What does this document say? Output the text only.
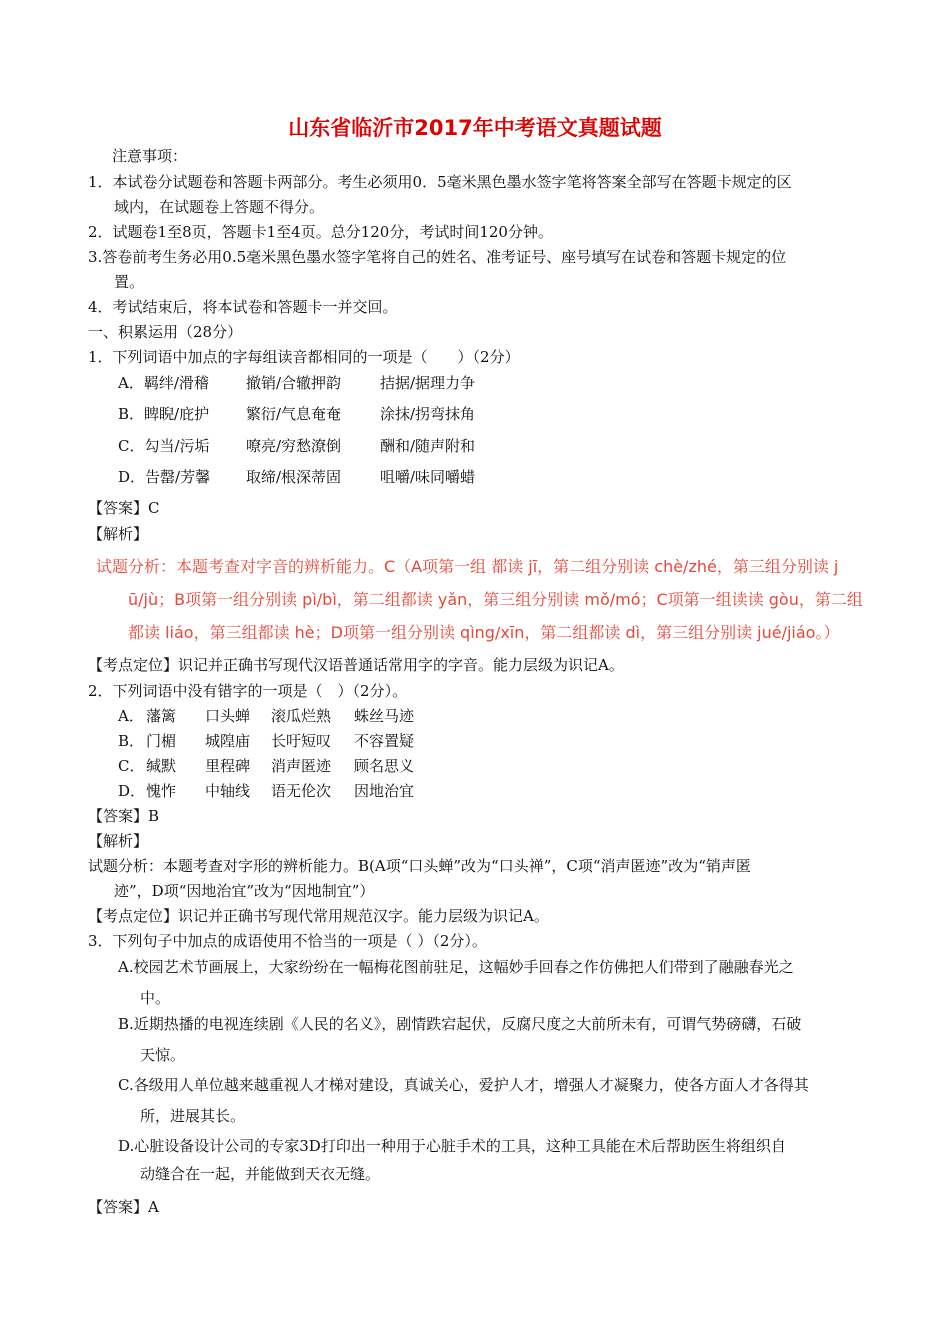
山东省临沂市2017年中考语文真题试题
注意事项：
1．本试卷分试题卷和答题卡两部分。考生必须用0．5毫米黑色墨水签字笔将答案全部写在答题卡规定的区
域内，在试题卷上答题不得分。
2．试题卷1至8页，答题卡1至4页。总分120分，考试时间120分钟。
3.答卷前考生务必用0.5毫米黑色墨水签字笔将自己的姓名、准考证号、座号填写在试卷和答题卡规定的位
置。
4．考试结束后，将本试卷和答题卡一并交回。
一、积累运用（28分）
1．下列词语中加点的字每组读音都相同的一项是（　　）（2分）
A．羁绊/滑稽 撤销/合辙押韵	拮据/据理力争
B．睥睨/庇护 繁衍/气息奄奄	涂抹/拐弯抹角
C．勾当/污垢 嘹亮/穷愁潦倒	酬和/随声附和
D．告罄/芳馨 取缔/根深蒂固	咀嚼/味同嚼蜡
【答案】C
【解析】
试题分析：本题考查对字音的辨析能力。C（A项第一组 都读 jī，第二组分别读 chè/zhé，第三组分别读 j
ū/jù；B项第一组分别读 pì/bì，第二组都读 yǎn，第三组分别读 mǒ/mó；C项第一组读读 gòu，第二组
都读 liáo，第三组都读 hè；D项第一组分别读 qìng/xīn，第二组都读 dì，第三组分别读 jué/jiáo。）
【考点定位】识记并正确书写现代汉语普通话常用字的字音。能力层级为识记A。
2．下列词语中没有错字的一项是（　）（2分）。
A． 藩篱 口头蝉 滚瓜烂熟 蛛丝马迹
B． 门楣 城隍庙 长吁短叹 不容置疑
C． 缄默 里程碑 消声匿迹 顾名思义
D． 愧怍 中轴线 语无伦次 因地治宜
【答案】B
【解析】
试题分析：本题考查对字形的辨析能力。B(A项“口头蝉”改为“口头禅”，C项“消声匿迹”改为“销声匿
迹”，D项“因地治宜”改为“因地制宜”）
【考点定位】识记并正确书写现代常用规范汉字。能力层级为识记A。
3．下列句子中加点的成语使用不恰当的一项是（ ）（2分）。
A.校园艺术节画展上，大家纷纷在一幅梅花图前驻足，这幅妙手回春之作仿佛把人们带到了融融春光之
中。
B.近期热播的电视连续剧《人民的名义》，剧情跌宕起伏，反腐尺度之大前所未有，可谓气势磅礴，石破
天惊。
C.各级用人单位越来越重视人才梯对建设，真诚关心，爱护人才，增强人才凝聚力，使各方面人才各得其
所，进展其长。
D.心脏设备设计公司的专家3D打印出一种用于心脏手术的工具，这种工具能在术后帮助医生将组织自
动缝合在一起，并能做到天衣无缝。
【答案】A
